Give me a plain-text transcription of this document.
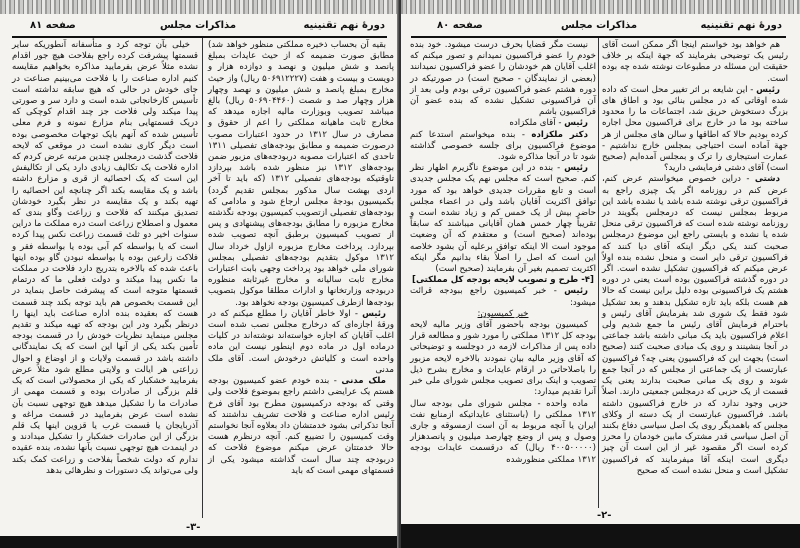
دورهٔ نهم تقنینیه
مذاکرات مجلس
صفحه ۸۱

بقیه آن بحساب ذخیره مملکتی منظور خواهد شد) مطابق صورت ضمیمه که از حیث عایدات بمبلغ پانصد و شش میلیون و نهصد و دوازده هزار و دویست و بیست و هفت (۵۰۶۹۱۲۲۲۷ ریال) واز حیث مخارج بمبلغ پانصد و شش میلیون و نهصد وچهار هزار وچهار صد و شصت (۵۰۶۹۰۴۴۶۰ ریال) بالغ میباشد تصویب وبوزارت مالیه اجازه میدهد که مخارج ثابت ماهیانه مملکتی را اعم از حقوق و مصارف در سال ۱۳۱۲ در حدود اعتبارات مصوب درصورت ضمیمه و مطابق بودجه‌های تفصیلی ۱۳۱۱ تاحدی که اعتبارات مصوبه دربودجه‌های مزبور ضمن بودجه‌های ۱۳۱۲ نیز منظور شده باشد بپردازد تاوقتیکه بودجه‌های تفصیلی ۱۳۱۲ (که باید تا آخر اردی بهشت سال مذکور بمجلس تقدیم گردد) بکمیسیون بودجهٔ مجلس ارجاع شود و مادامی که بودجه‌های تفصیلی ازتصویب کمیسیون بودجه نگذشته مخارج مزبوره را مطابق بودجه‌های پیشنهادی و پس از تصویب کمیسیون برطبق آنچه تصویب شده بپردازد. پرداخت مخارج مزبوره ازاول خرداد سال ۱۳۱۲ موکول بتقدیم بودجه‌های تفصیلی بمجلس شورای ملی خواهد بود پرداخت وجهی بابت اعتبارات مخارج ثابت سالیانه و مخارج غیرثابته منظوره دربودجه وزارتخانها و ادارات مطلقا موکول بتصویب بودجه‌ها ازطرف کمیسیون بودجه نخواهد بود.

رئیس - اولا خاطر آقایان را مطلع میکنم که در ورقهٔ اجازه‌ای که درخارج مجلس نصب شده است اغلب آقایان که اجازه خواسته‌اند نوشته‌اند در کلیات درماده اول در ماده دوم اینطور نیست این ماده واحده است و کلیاتش درخودش است. آقای ملک مدنی

ملک مدنی - بنده خودم عضو کمیسیون بودجه هستم یک عرایضی داشتم راجع بموضوع فلاحت ولی وقتی که بودجه درکمیسیون مطرح بود آقای فرخ رئیس اداره صناعت و فلاحت تشریف نداشتند که آنجا تذکراتی بشود خدمتشان داد بعلاوه آنجا نخواستم وقت کمیسیون را تضییع کنم. آنچه درنظرم هست حالا خدمتتان عرض میکنم موضوع فلاحت که دربودجه چند سال است گذاشته میشود یکی از قسمتهای مهمی است که باید

خیلی بآن توجه کرد و متأسفانه آنطوریکه سایر قسمتها پیشرفت کرده راجع بفلاحت هیچ جور اقدام نشده مثلاً عرض بفرمایید مذاکره بخواهیم مقایسه کنیم اداره صناعت را با فلاحت می‌بینیم صناعت در جای خودش در حالی که هیچ سابقه نداشته است تأسیس کارخانجاتی شده است و دارد سر و صورتی پیدا میکند ولی فلاحت جز چند اقدام کوچکی که دریک قسمتهایی بنام مزارع نمونه و فرم معلی تأسیس شده که آنهم بایک توجهات مخصوصی بوده است دیگر کاری نشده است در موقعی که لایحه فلاحت گذشت درمجلس چندین مرتبه عرض کردم که اداره فلاحت یک تکالیف زیادی دارد یکی از تکالیفش این است که یک احصائیه از قری و مزارع داشته باشد و یک مقایسه بکند اگر چنانچه این احصائیه را تهیه بکند و یک مقایسه در نظر بگیرد خودشان تصدیق میکنند که فلاحت و زراعت وگاو بندی که معمول و اصطلاح زراعت است دره مملکت ما دراین سنوات اخیر دو ثلث قسمت زراعت نکس پیدا کرده است که یا بواسطه کم آبی بوده یا بواسطه فقر و فلاکت زارعین بوده یا بواسطه نبودن گاو بوده اینها باعث شده که بالاخره بتدریج دارد فلاحت در مملکت ما نکس پیدا میکند و دولت فعلی ما که درتمام قسمتها متوجه است که پیشرفت حاصل بنماید در این قسمت بخصوص هم باید توجه بکند چند قسمت هست که بعقیده بنده اداره صناعت باید اینها را درنظر بگیرد ودر این بودجه که تهیه میکند و تقدیم مجلس مینماید نظریات خودش را در قسمت بودجه تأمین بکند یکی از آنها این است که یک نمایندگانی داشته باشد در قسمت ولایات و از اوضاع و احوال زراعتی هر ایالت و ولایتی مطلع شود مثلاً عرض بفرمایید خشکبار که یکی از محصولاتی است که یک قلم بزرگی از صادرات بوده و قسمت مهمی از صادرات ما را تشکیل میدهد هیچ توجهی نسبت بآن نشده است عرض بفرمایید در قسمت مراغه و آذربایجان یا قسمت غرب یا قزوین اینها یک قلم بزرگی از این صادرات خشکبار را تشکیل میدادند و در اینمدت هیچ توجهی نسبت بآنها نشده، بنده عقیده ندارم که دولت شخصاً بفلاحت و زراعت کمک بکند ولی می‌تواند یک دستورات و نظرهائی بدهد

-۳-
دورهٔ نهم تقنینیه
مذاکرات مجلس
صفحه ۸۰

هم خواهد بود خواستم اینجا اگر ممکن است آقای رئیس یک توضیحی بفرمایند که جهة اینکه بر خلاف حقیقت این مسئله در مطبوعات نوشته شده چه بوده است.

رئیس - این شایعه بر اثر تغییر محل است که داده شده اوقاتی که در مجلس بنائی بود و اطاق های بزرگ دستخوش حریق شد، اجتماعات ما را محدود ساخته بود ما در خارج برای فراکسیون محل اجاره کرده بودیم حالا که اطاقها و سالن های مجلس از هر جهة آماده است احتیاجی بمجلس خارج نداشتیم - عمارت استیجاری را ترک و بمجلس آمده‌ایم (صحیح است) آقای دشتی فرمایشی دارید؟

دشتی - دراین خصوص میخواستم عرض کنم، عرض کنم در روزنامه اگر یک چیزی راجع به فراکسیون ترقی نوشته شده باشد یا نشده باشد این مربوط بمجلس نیست که درمجلس بگویند در روزنامه نوشته شده است که فراکسیون ترقی منحل شده یا نشده و بایستی راجع این موضوع درمجلس صحبت کنند یکی دیگر اینکه آقای دیا کنند که فراکسیون ترقی دایر است و منحل نشده بنده اولاً عرض میکنم که فراکسیون تشکیل نشده است. اگر در دوره گذشته فراکسیون بوده است یعنی در دوره هشتم یک فراکسیونی بوده دلیل براین نیست که حالا هم هست بلکه باید تازه تشکیل بدهند و بعد تشکیل شود فقط یک شوری شد بفرمایش آقای رئیس و باحترام فرمایش آقای رئیس ما جمع شدیم ولی اعلام فراکسیون باید یک مبانی داشته باشد جماعتی در آنجا بنشینند و روی یک مبادی صحبت کنند (صحیح است) بجهت این که فراکسیون یعنی چه؟ فراکسیون عبارتست از یک جماعتی از مجلس که در آنجا جمع شوند و روی یک مبانی صحبت بدارند یعنی یک قسمت از یک حزبی که درمجلس جمعیتی دارند. اصلاً حزبی وجود ندارد که در خارج فراکسیون داشته باشد. فراکسیون عبارتست از یک دسته از وکلای مجلس که باهمدیگر روی یک اصل سیاسی دفاع بکنند آن اصل سیاسی قدر مشترک مابین خودمان را محرز کرده است اگر مقصود غیر از این است آن چیز دیگری است اینکه آقا میفرمایند که فراکسیون تشکیل است و منحل نشده است که صحیح

نیست مگر قضایا بحرف درست میشود. خود بنده خودم را عضو فراکسیون نمیدانم و تصور میکنم که اغلب آقایان هم خودشان را عضو فراکسیون نمیدانند (بعضی از نمایندگان - صحیح است) در صورتیکه در دوره هشتم عضو فراکسیون ترقی بودم ولی بعد از آن فراکسیونی تشکیل نشده که بنده عضو آن فراکسیون باشم

رئیس - آقای ملکزاده

دکتر ملکزاده - بنده میخواستم استدعا کنم موضوع فراکسیون برای جلسه خصوصی گذاشته شود تا در آنجا مذاکره شود.

رئیس - بنده در این موضوع ناگزیرم اظهار نظر کنم. صحیح است که مجلس نهم یک مجلس جدیدی است و تابع مقررات جدیدی خواهد بود که مورد توافق اکثریت آقایان باشد ولی در اعضاء مجلس حاضر بیش از یک خمس کم و زیاد نشده است و تقریباً چهار خمس همان آقایانی میباشند که سابقاً بوده‌اند (صحیح است) و معتقدم که آن وضعیت موجود است الا اینکه توافق برعلیه آن بشود خلاصه این است که اصل را اصلاً بقاء بدانیم مگر اینکه اکثریت تصمیم بغیر آن بفرمایند (صحیح است)

[۴- طرح و تصویب لایحه بودجه کل مملکتی]

رئیس - خبر کمیسیون راجع ببودجه قرائت میشود:

خبر کمیسیون:

کمیسیون بودجه باحضور آقای وزیر مالیه لایحه بودجه کل ۱۳۱۲ مملکتی را مورد شور و مطالعه قرار داده پس از مذاکرات لازمه در دوجلسه و توضیحاتی که آقای وزیر مالیه بیان نمودند بالاخره لایحه مزبور را باصلاحاتی در ارقام عایدات و مخارج بشرح ذیل تصویب و اینک برای تصویب مجلس شورای ملی خبر آنرا تقدیم میدارد:

ماده واحده - مجلس شورای ملی بودجه سال ۱۳۱۲ مملکتی را (باستثنای عایداتیکه ازمنابع نفت ایران یا آنچه مربوط به آن است ازمسوقه و جاری وصول و پس از وضع چهارصد میلیون و پانصدهزار (۴۰۰۵۰۰۰۰۰ ریال) که درقسمت عایدات بودجه ۱۳۱۲ مملکتی منظورشده

-۲-
